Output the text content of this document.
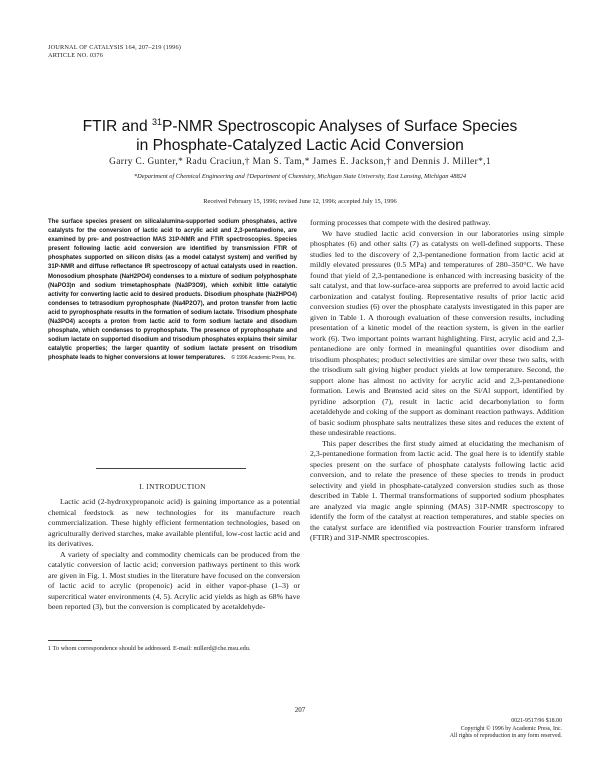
JOURNAL OF CATALYSIS 164, 207–219 (1996)
ARTICLE NO. 0376
FTIR and $^{31}$P-NMR Spectroscopic Analyses of Surface Species
in Phosphate-Catalyzed Lactic Acid Conversion
Garry C. Gunter,* Radu Craciun,† Man S. Tam,* James E. Jackson,† and Dennis J. Miller*,1
*Department of Chemical Engineering and †Department of Chemistry, Michigan State University, East Lansing, Michigan 48824
Received February 15, 1996; revised June 12, 1996; accepted July 15, 1996
The surface species present on silica/alumina-supported sodium phosphates, active catalysts for the conversion of lactic acid to acrylic acid and 2,3-pentanedione, are examined by pre- and postreaction MAS 31P-NMR and FTIR spectroscopies. Species present following lactic acid conversion are identified by transmission FTIR of phosphates supported on silicon disks (as a model catalyst system) and verified by 31P-NMR and diffuse reflectance IR spectroscopy of actual catalysts used in reaction. Monosodium phosphate (NaH2PO4) condenses to a mixture of sodium polyphosphate (NaPO3)n and sodium trimetaphosphate (Na3P3O9), which exhibit little catalytic activity for converting lactic acid to desired products. Disodium phosphate (Na2HPO4) condenses to tetrasodium pyrophosphate (Na4P2O7), and proton transfer from lactic acid to pyrophosphate results in the formation of sodium lactate. Trisodium phosphate (Na3PO4) accepts a proton from lactic acid to form sodium lactate and disodium phosphate, which condenses to pyrophosphate. The presence of pyrophosphate and sodium lactate on supported disodium and trisodium phosphates explains their similar catalytic properties; the larger quantity of sodium lactate present on trisodium phosphate leads to higher conversions at lower temperatures. © 1996 Academic Press, Inc.
I. INTRODUCTION

Lactic acid (2-hydroxypropanoic acid) is gaining importance as a potential chemical feedstock as new technologies for its manufacture reach commercialization. These highly efficient fermentation technologies, based on agriculturally derived starches, make available plentiful, low-cost lactic acid and its derivatives.

A variety of specialty and commodity chemicals can be produced from the catalytic conversion of lactic acid; conversion pathways pertinent to this work are given in Fig. 1. Most studies in the literature have focused on the conversion of lactic acid to acrylic (propenoic) acid in either vapor-phase (1–3) or supercritical water environments (4, 5). Acrylic acid yields as high as 68% have been reported (3), but the conversion is complicated by acetaldehyde-

1 To whom correspondence should be addressed. E-mail: millerd@che.msu.edu.

forming processes that compete with the desired pathway.

We have studied lactic acid conversion in our laboratories using simple phosphates (6) and other salts (7) as catalysts on well-defined supports. These studies led to the discovery of 2,3-pentanedione formation from lactic acid at mildly elevated pressures (0.5 MPa) and temperatures of 280–350°C. We have found that yield of 2,3-pentanedione is enhanced with increasing basicity of the salt catalyst, and that low-surface-area supports are preferred to avoid lactic acid carbonization and catalyst fouling. Representative results of prior lactic acid conversion studies (6) over the phosphate catalysts investigated in this paper are given in Table 1. A thorough evaluation of these conversion results, including presentation of a kinetic model of the reaction system, is given in the earlier work (6). Two important points warrant highlighting. First, acrylic acid and 2,3-pentanedione are only formed in meaningful quantities over disodium and trisodium phosphates; product selectivities are similar over these two salts, with the trisodium salt giving higher product yields at low temperature. Second, the support alone has almost no activity for acrylic acid and 2,3-pentanedione formation. Lewis and Brønsted acid sites on the Si/Al support, identified by pyridine adsorption (7), result in lactic acid decarbonylation to form acetaldehyde and coking of the support as dominant reaction pathways. Addition of basic sodium phosphate salts neutralizes these sites and reduces the extent of these undesirable reactions.

This paper describes the first study aimed at elucidating the mechanism of 2,3-pentanedione formation from lactic acid. The goal here is to identify stable species present on the surface of phosphate catalysts following lactic acid conversion, and to relate the presence of these species to trends in product selectivity and yield in phosphate-catalyzed conversion studies such as those described in Table 1. Thermal transformations of supported sodium phosphates are analyzed via magic angle spinning (MAS) 31P-NMR spectroscopy to identify the form of the catalyst at reaction temperatures, and stable species on the catalyst surface are identified via postreaction Fourier transform infrared (FTIR) and 31P-NMR spectroscopies.

207
0021-9517/96 $18.00
Copyright © 1996 by Academic Press, Inc.
All rights of reproduction in any form reserved.
